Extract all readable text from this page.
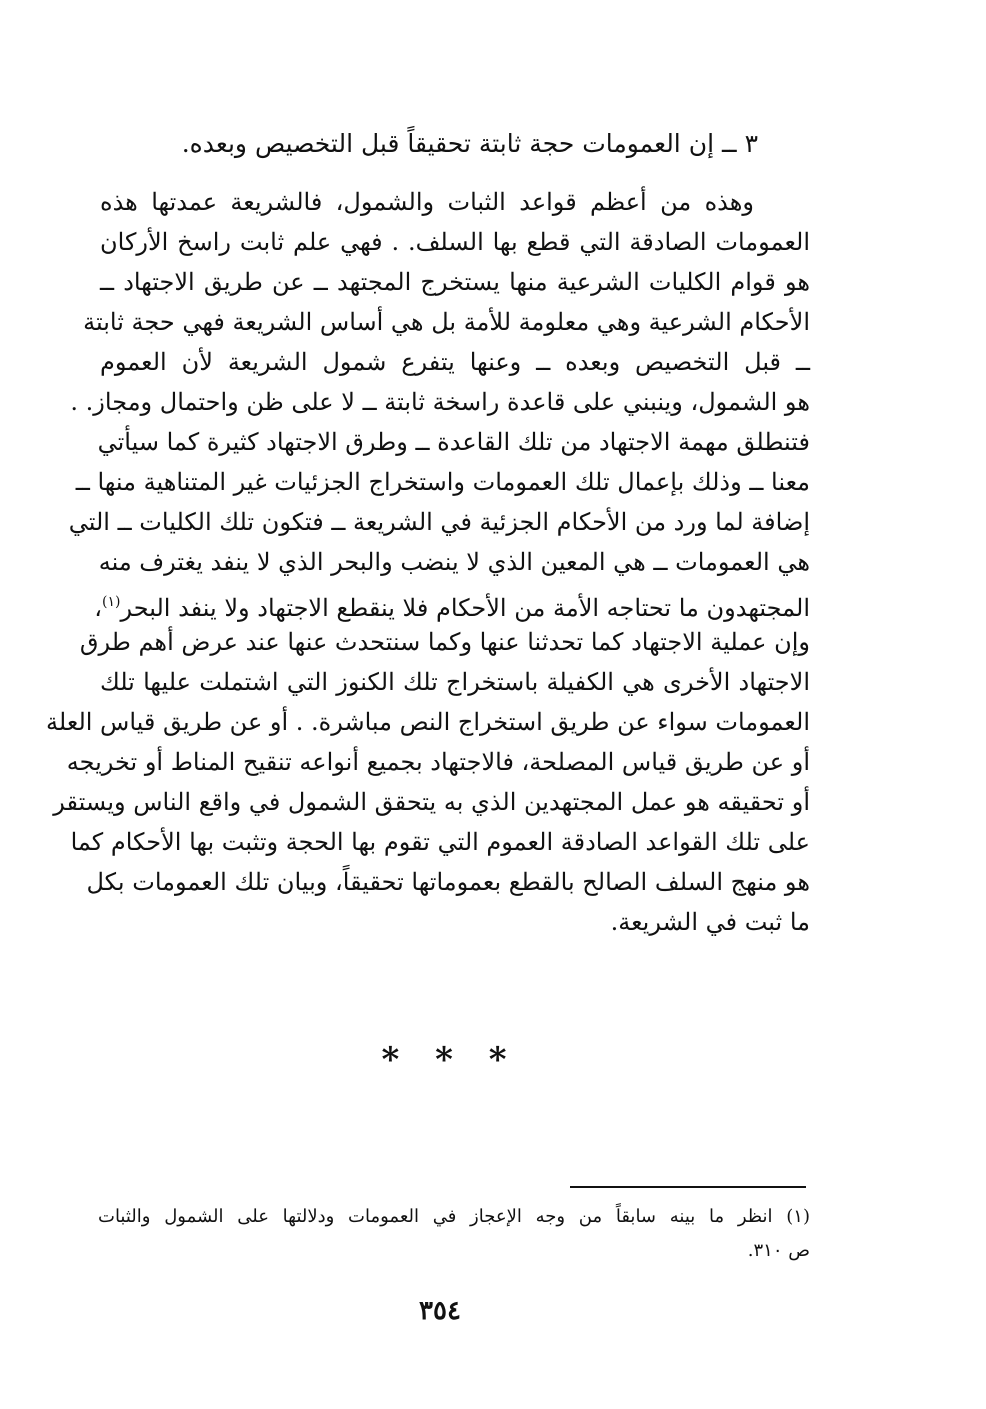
٣ ــ إن العمومات حجة ثابتة تحقيقاً قبل التخصيص وبعده.
وهذه من أعظم قواعد الثبات والشمول، فالشريعة عمدتها هذه
العمومات الصادقة التي قطع بها السلف. . فهي علم ثابت راسخ الأركان
هو قوام الكليات الشرعية منها يستخرج المجتهد ــ عن طريق الاجتهاد ــ
الأحكام الشرعية وهي معلومة للأمة بل هي أساس الشريعة فهي حجة ثابتة
ــ قبل التخصيص وبعده ــ وعنها يتفرع شمول الشريعة لأن العموم
هو الشمول، وينبني على قاعدة راسخة ثابتة ــ لا على ظن واحتمال ومجاز. .
فتنطلق مهمة الاجتهاد من تلك القاعدة ــ وطرق الاجتهاد كثيرة كما سيأتي
معنا ــ وذلك بإعمال تلك العمومات واستخراج الجزئيات غير المتناهية منها ــ
إضافة لما ورد من الأحكام الجزئية في الشريعة ــ فتكون تلك الكليات ــ التي
هي العمومات ــ هي المعين الذي لا ينضب والبحر الذي لا ينفد يغترف منه
المجتهدون ما تحتاجه الأمة من الأحكام فلا ينقطع الاجتهاد ولا ينفد البحر$^{(١)}$،
وإن عملية الاجتهاد كما تحدثنا عنها وكما سنتحدث عنها عند عرض أهم طرق
الاجتهاد الأخرى هي الكفيلة باستخراج تلك الكنوز التي اشتملت عليها تلك
العمومات سواء عن طريق استخراج النص مباشرة. . أو عن طريق قياس العلة
أو عن طريق قياس المصلحة، فالاجتهاد بجميع أنواعه تنقيح المناط أو تخريجه
أو تحقيقه هو عمل المجتهدين الذي به يتحقق الشمول في واقع الناس ويستقر
على تلك القواعد الصادقة العموم التي تقوم بها الحجة وتثبت بها الأحكام كما
هو منهج السلف الصالح بالقطع بعموماتها تحقيقاً، وبيان تلك العمومات بكل
ما ثبت في الشريعة.
* * *
(١) انظر ما بينه سابقاً من وجه الإعجاز في العمومات ودلالتها على الشمول والثبات
ص ٣١٠.
٣٥٤
